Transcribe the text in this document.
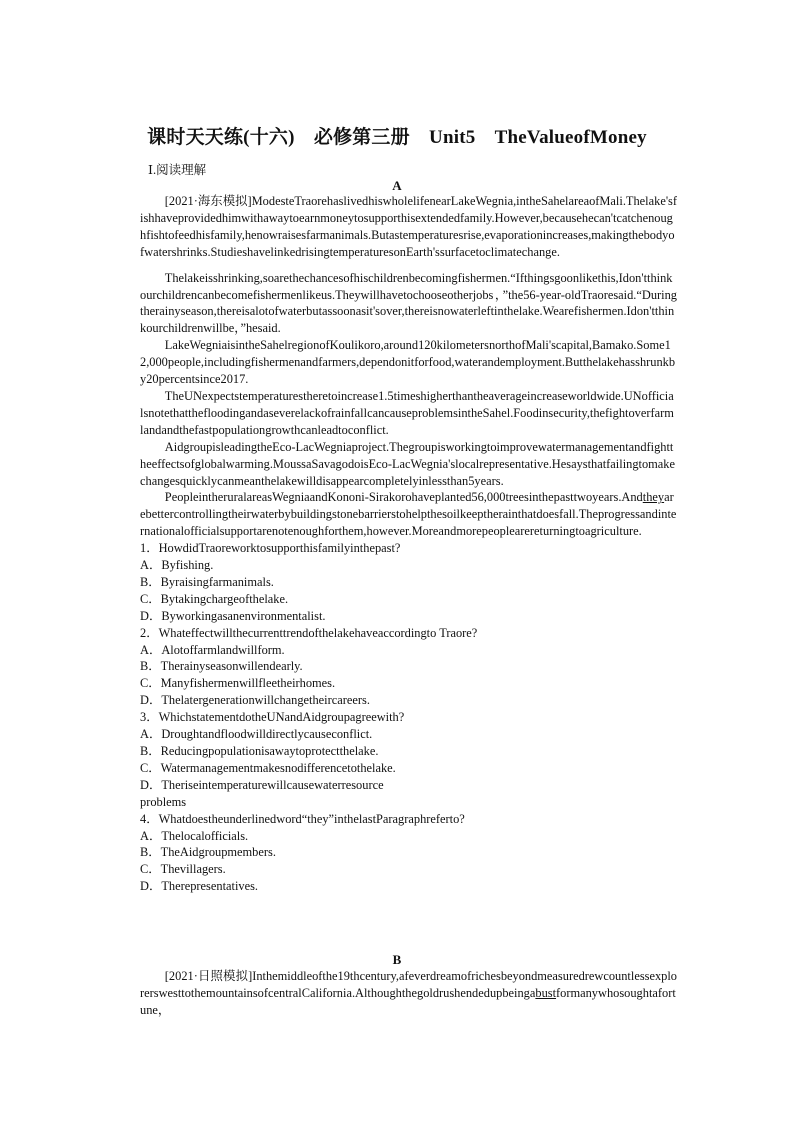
课时天天练(十六)　必修第三册　Unit5　TheValueofMoney
Ⅰ.阅读理解
A

[2021·海东模拟]ModesteTraorehaslivedhiswholelifenearLakeWegnia,intheSahelareaofMali.Thelake'sfishhaveprovidedhimwithawaytoearnmoneytosupporthisextendedfamily.However,becausehecan'tcatchenoughfishtofeedhisfamily,henowraisesfarmanimals.Butastemperaturesrise,evaporationincreases,makingthebodyofwatershrinks.StudieshavelinkedrisingtemperaturesonEarth'ssurfacetoclimatechange.

Thelakeisshrinking,soarethechancesofhischildrenbecomingfishermen.“Ifthingsgoonlikethis,Idon'tthinkourchildrencanbecomefishermenlikeus.Theywillhavetochooseotherjobs，”the56-year-oldTraoresaid.“Duringtherainyseason,thereisalotofwaterbutassoonasit'sover,thereisnowaterleftinthelake.Wearefishermen.Idon'tthinkourchildrenwillbe，”hesaid.

LakeWegniaisintheSahelregionofKoulikoro,around120kilometersnorthofMali'scapital,Bamako.Some12,000people,includingfishermenandfarmers,dependonitforfood,waterandemployment.Butthelakehasshrunkby20percentsince2017.

TheUNexpectstemperaturestheretoincrease1.5timeshigherthantheaverageincreaseworldwide.UNofficialsnotethatthefloodingandaseverelackofrainfallcancauseproblemsintheSahel.Foodinsecurity,thefightoverfarmlandandthefastpopulationgrowthcanleadtoconflict.

AidgroupisleadingtheEco-LacWegniaproject.Thegroupisworkingtoimprovewatermanagementandfighttheeffectsofglobalwarming.MoussaSavagodoisEco-LacWegnia'slocalrepresentative.Hesaysthatfailingtomakechangesquicklycanmeanthelakewilldisappearcompletelyinlessthan5years.

PeopleintheruralareasWegniaandKononi-Sirakorohaveplanted56,000treesinthepasttwoyears.Andtheyarebettercontrollingtheirwaterbybuildingstonebarrierstohelpthesoilkeeptherainthatdoesfall.Theprogressandinternationalofficialsupportarenotenoughforthem,however.Moreandmorepeoplearereturningtoagriculture.

1．HowdidTraoreworktosupporthisfamilyinthepast?

A．Byfishing.

B．Byraisingfarmanimals.

C．Bytakingchargeofthelake.

D．Byworkingasanenvironmentalist.

2．Whateffectwillthecurrenttrendofthelakehaveaccordingto Traore?

A．Alotoffarmlandwillform.

B．Therainyseasonwillendearly.

C．Manyfishermenwillfleetheirhomes.

D．Thelatergenerationwillchangetheircareers.

3．WhichstatementdotheUNandAidgroupagreewith?

A．Droughtandfloodwilldirectlycauseconflict.

B．Reducingpopulationisawaytoprotectthelake.

C．Watermanagementmakesnodifferencetothelake.

D．Theriseintemperaturewillcausewaterresource

problems

4．Whatdoestheunderlinedword“they”inthelastParagraphreferto?

A．Thelocalofficials.

B．TheAidgroupmembers.

C．Thevillagers.

D．Therepresentatives.

B

[2021·日照模拟]Inthemiddleofthe19thcentury,afeverdreamofrichesbeyondmeasuredrewcountlessexplorerswesttothemountainsofcentralCalifornia.Althoughthegoldrushendedupbeingabustformanywhosoughtafortune，
